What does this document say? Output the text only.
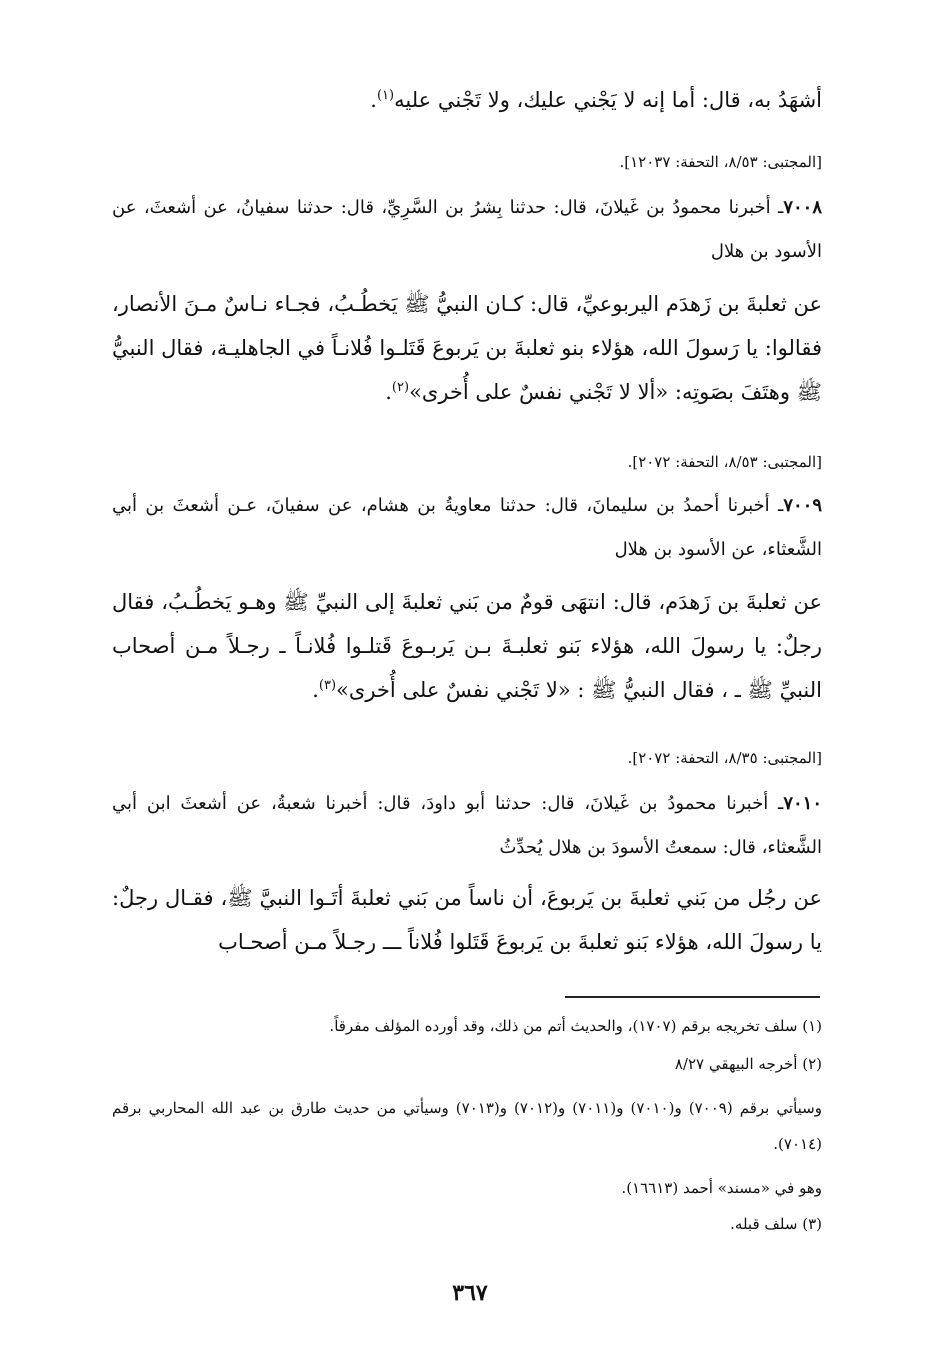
أشهَدُ به، قال: أما إنه لا يَجْني عليك، ولا تَجْني عليه$^{(١)}$.
[المجتبى: ٨/٥٣، التحفة: ١٢٠٣٧].
٧٠٠٨ـ أخبرنا محمودُ بن غَيلانَ، قال: حدثنا بِشرُ بن السَّرِيِّ، قال: حدثنا سفيانُ، عن أشعثَ، عن الأسود بن هلال
عن ثعلبةَ بن زَهدَم اليربوعيِّ، قال: كـان النبيُّ ﷺ يَخطُـبُ، فجـاء نـاسٌ مـنَ الأنصار، فقالوا: يا رَسولَ الله، هؤلاء بنو ثعلبةَ بن يَربوعَ قَتَلـوا فُلانـاً في الجاهليـة، فقال النبيُّ ﷺ وهتَفَ بصَوتِه: «ألا لا تَجْني نفسٌ على أُخرى»$^{(٢)}$.
[المجتبى: ٨/٥٣، التحفة: ٢٠٧٢].
٧٠٠٩ـ أخبرنا أحمدُ بن سليمانَ، قال: حدثنا معاويةُ بن هشام، عن سفيانَ، عـن أشعثَ بن أبي الشَّعثاء، عن الأسود بن هلال
عن ثعلبةَ بن زَهدَم، قال: انتهَى قومٌ من بَني ثعلبةَ إلى النبيِّ ﷺ وهـو يَخطُـبُ، فقال رجلٌ: يا رسولَ الله، هؤلاء بَنو ثعلبـةَ بـن يَربـوعَ قَتلـوا فُلانـاً ـ رجـلاً مـن أصحاب النبيِّ ﷺ ـ ، فقال النبيُّ ﷺ : «لا تَجْني نفسٌ على أُخرى»$^{(٣)}$.
[المجتبى: ٨/٣٥، التحفة: ٢٠٧٢].
٧٠١٠ـ أخبرنا محمودُ بن غَيلانَ، قال: حدثنا أبو داودَ، قال: أخبرنا شعبةُ، عن أشعثَ ابن أبي الشَّعثاء، قال: سمعتُ الأسودَ بن هلال يُحدِّثُ
عن رجُل من بَني ثعلبةَ بن يَربوعَ، أن ناساً من بَني ثعلبةَ أتَـوا النبيَّ ﷺ، فقـال رجلٌ: يا رسولَ الله، هؤلاء بَنو ثعلبةَ بن يَربوعَ قَتَلوا فُلاناً ـــ رجـلاً مـن أصحـاب
(١) سلف تخريجه برقم (١٧٠٧)، والحديث أتم من ذلك، وقد أورده المؤلف مفرقاً.
(٢) أخرجه البيهقي ٨/٢٧
وسيأتي برقم (٧٠٠٩) و(٧٠١٠) و(٧٠١١) و(٧٠١٢) و(٧٠١٣) وسيأتي من حديث طارق بن عبد الله المحاربي برقم (٧٠١٤).
وهو في «مسند» أحمد (١٦٦١٣).
(٣) سلف قبله.
٣٦٧
